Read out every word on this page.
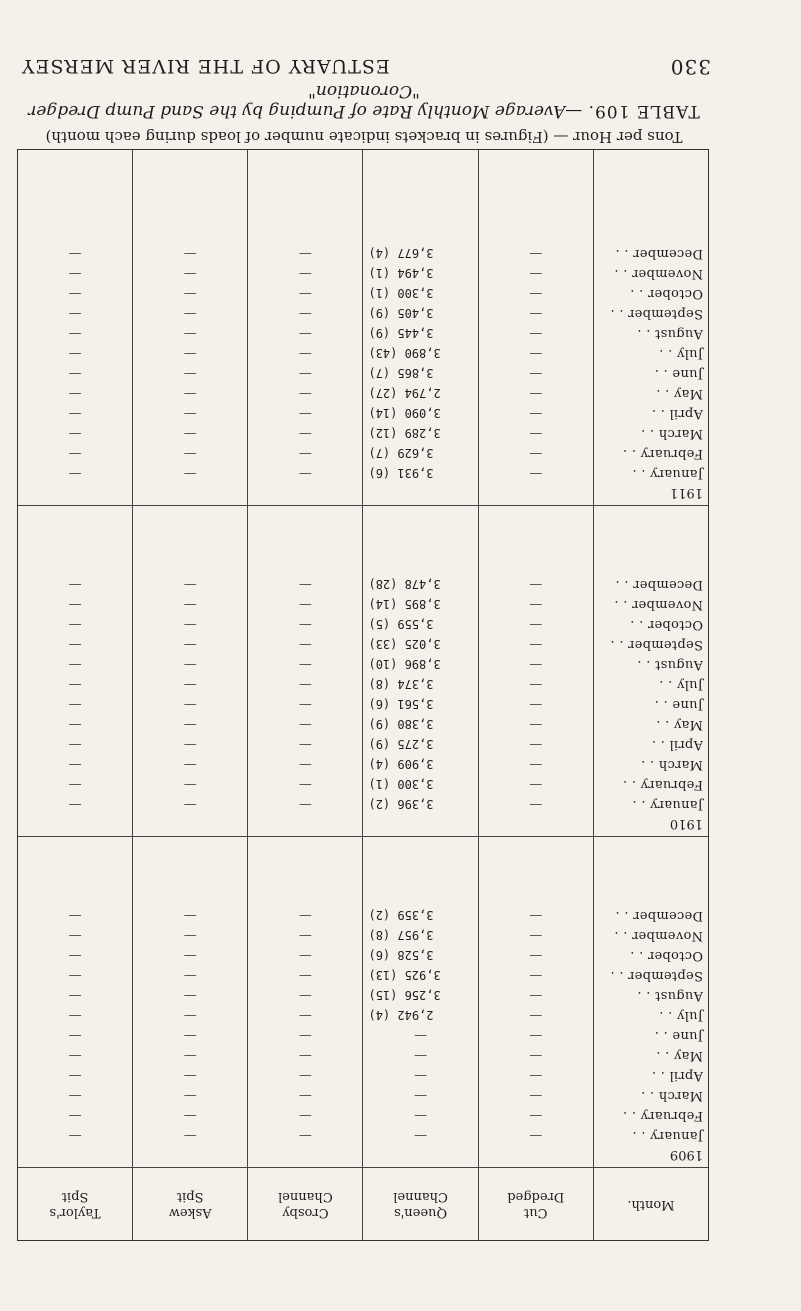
330
ESTUARY OF THE RIVER MERSEY
TABLE 109. —Average Monthly Rate of Pumping by the Sand Pump Dredger "Coronation"
Tons per Hour — (Figures in brackets indicate number of loads during each month)
Month.
1909
January . .
February . .
March . .
April . .
May . .
June . .
July . .
August . .
September . .
October . .
November . .
December . .
1910
January . .
February . .
March . .
April . .
May . .
June . .
July . .
August . .
September . .
October . .
November . .
December . .
1911
January . .
February . .
March . .
April . .
May . .
June . .
July . .
August . .
September . .
October . .
November . .
December . .
Cut
Dredged
—
—
—
—
—
—
—
—
—
—
—
—
—
—
—
—
—
—
—
—
—
—
—
—
—
—
—
—
—
—
—
—
—
—
—
—
Queen's
Channel
—
—
—
—
—
—
2,942 (4)
3,256 (15)
3,925 (13)
3,528 (6)
3,957 (8)
3,359 (2)
3,396 (2)
3,300 (1)
3,909 (4)
3,275 (9)
3,380 (9)
3,561 (6)
3,374 (8)
3,896 (10)
3,025 (33)
3,559 (5)
3,895 (14)
3,478 (28)
3,931 (6)
3,629 (7)
3,289 (12)
3,090 (14)
2,794 (27)
3,865 (7)
3,890 (43)
3,445 (9)
3,405 (9)
3,300 (1)
3,494 (1)
3,677 (4)
Crosby
Channel
—
—
—
—
—
—
—
—
—
—
—
—
—
—
—
—
—
—
—
—
—
—
—
—
—
—
—
—
—
—
—
—
—
—
—
—
Askew
Spit
—
—
—
—
—
—
—
—
—
—
—
—
—
—
—
—
—
—
—
—
—
—
—
—
—
—
—
—
—
—
—
—
—
—
—
—
Taylor's
Spit
—
—
—
—
—
—
—
—
—
—
—
—
—
—
—
—
—
—
—
—
—
—
—
—
—
—
—
—
—
—
—
—
—
—
—
—
